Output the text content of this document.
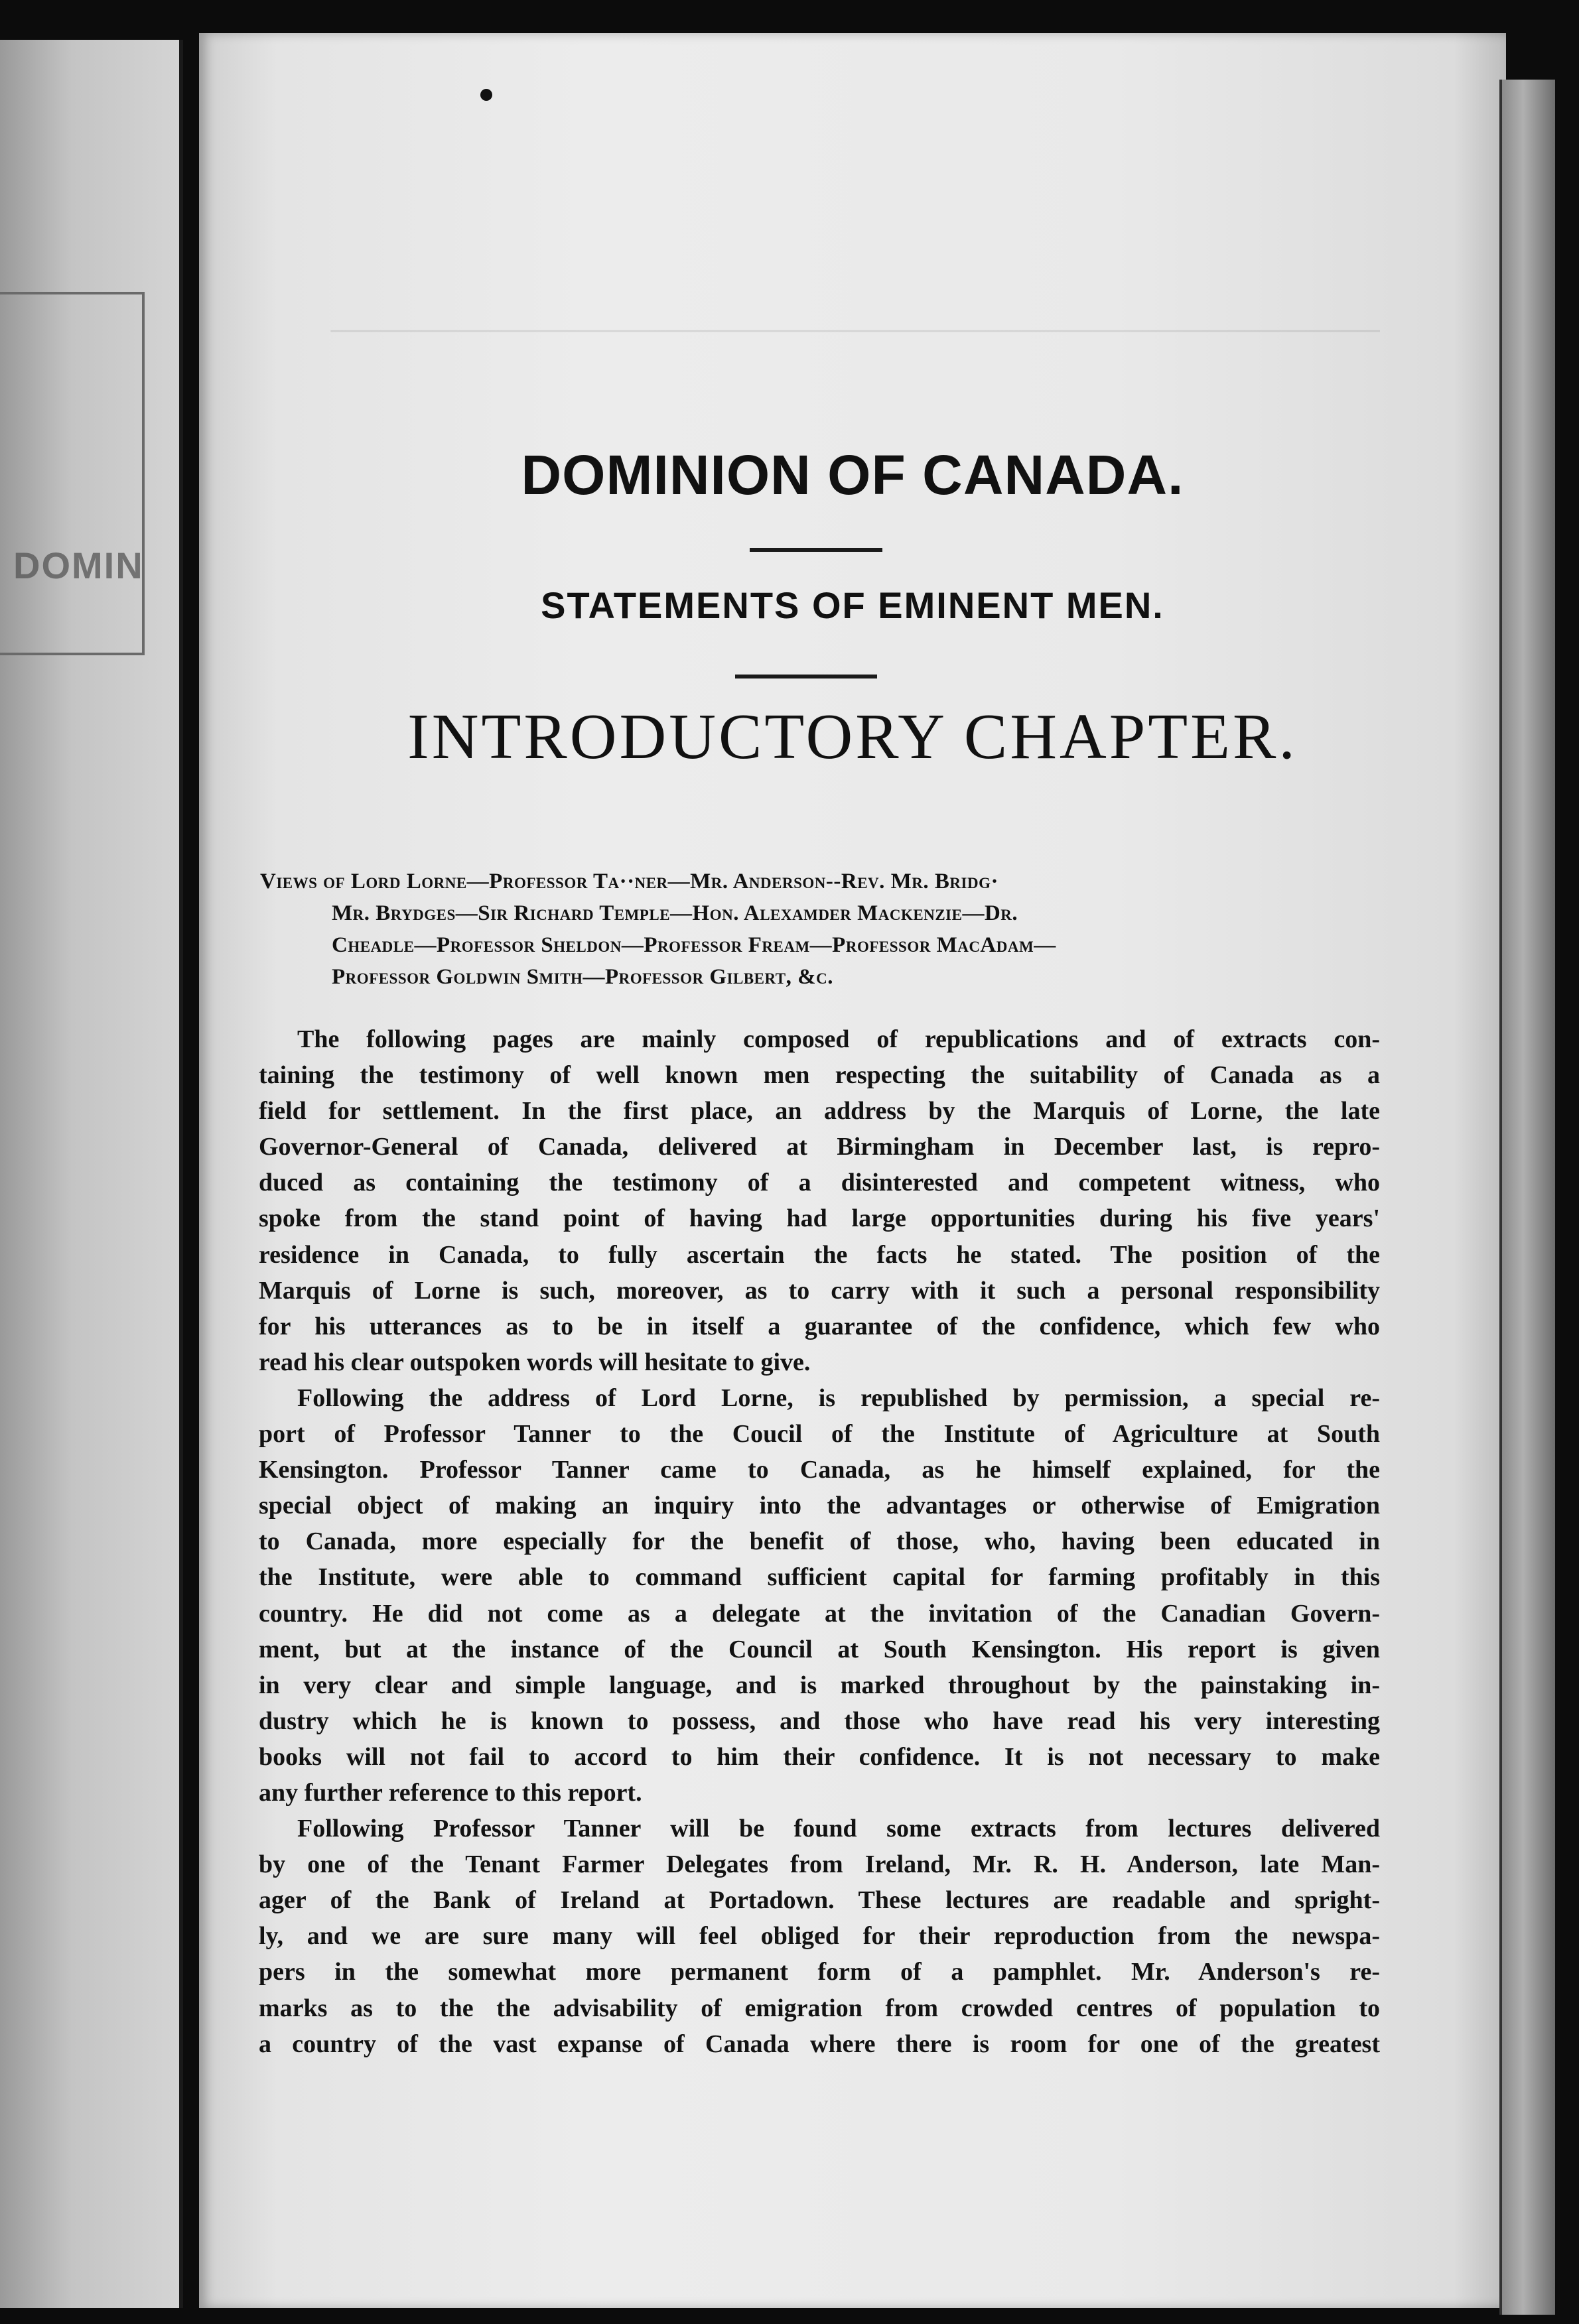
DOMIN
──────────────────────────────────────────────────────────────
DOMINION OF CANADA.
STATEMENTS OF EMINENT MEN.
INTRODUCTORY CHAPTER.
Views of Lord Lorne—Professor Ta··ner—Mr. Anderson--Rev. Mr. Bridg·
Mr. Brydges—Sir Richard Temple—Hon. Alexamder Mackenzie—Dr.
Cheadle—Professor Sheldon—Professor Fream—Professor MacAdam—
Professor Goldwin Smith—Professor Gilbert, &c.
The following pages are mainly composed of republications and of extracts con-
taining the testimony of well known men respecting the suitability of Canada as a
field for settlement. In the first place, an address by the Marquis of Lorne, the late
Governor-General of Canada, delivered at Birmingham in December last, is repro-
duced as containing the testimony of a disinterested and competent witness, who
spoke from the stand point of having had large opportunities during his five years'
residence in Canada, to fully ascertain the facts he stated. The position of the
Marquis of Lorne is such, moreover, as to carry with it such a personal responsibility
for his utterances as to be in itself a guarantee of the confidence, which few who
read his clear outspoken words will hesitate to give.
Following the address of Lord Lorne, is republished by permission, a special re-
port of Professor Tanner to the Coucil of the Institute of Agriculture at South
Kensington. Professor Tanner came to Canada, as he himself explained, for the
special object of making an inquiry into the advantages or otherwise of Emigration
to Canada, more especially for the benefit of those, who, having been educated in
the Institute, were able to command sufficient capital for farming profitably in this
country. He did not come as a delegate at the invitation of the Canadian Govern-
ment, but at the instance of the Council at South Kensington. His report is given
in very clear and simple language, and is marked throughout by the painstaking in-
dustry which he is known to possess, and those who have read his very interesting
books will not fail to accord to him their confidence. It is not necessary to make
any further reference to this report.
Following Professor Tanner will be found some extracts from lectures delivered
by one of the Tenant Farmer Delegates from Ireland, Mr. R. H. Anderson, late Man-
ager of the Bank of Ireland at Portadown. These lectures are readable and spright-
ly, and we are sure many will feel obliged for their reproduction from the newspa-
pers in the somewhat more permanent form of a pamphlet. Mr. Anderson's re-
marks as to the the advisability of emigration from crowded centres of population to
a country of the vast expanse of Canada where there is room for one of the greatest
